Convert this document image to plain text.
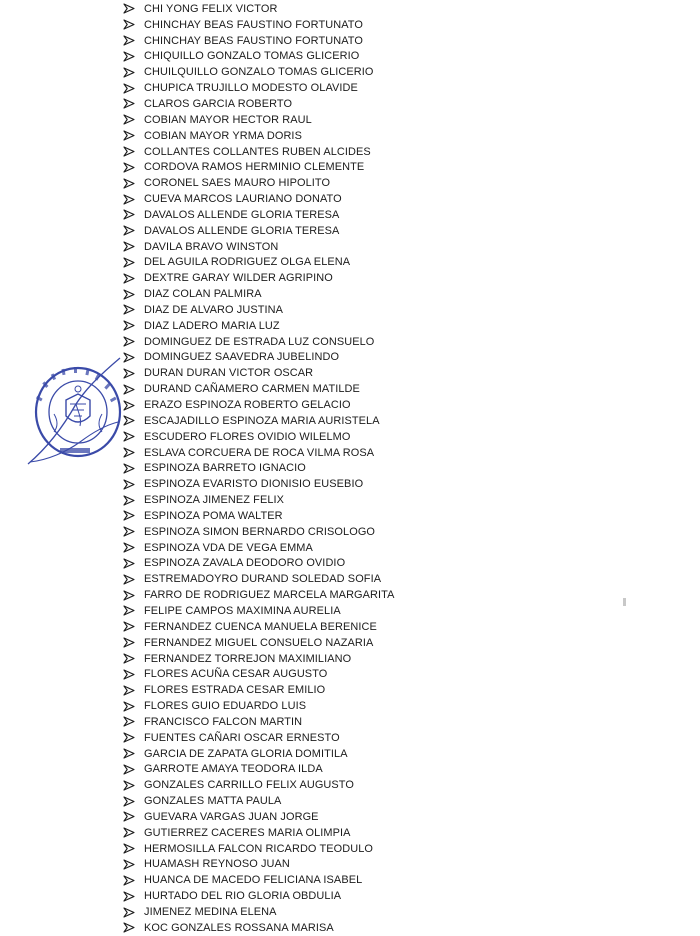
CHI YONG FELIX VICTOR
CHINCHAY BEAS FAUSTINO FORTUNATO
CHINCHAY BEAS FAUSTINO FORTUNATO
CHIQUILLO GONZALO TOMAS GLICERIO
CHUILQUILLO GONZALO TOMAS GLICERIO
CHUPICA TRUJILLO MODESTO OLAVIDE
CLAROS GARCIA ROBERTO
COBIAN MAYOR HECTOR RAUL
COBIAN MAYOR YRMA DORIS
COLLANTES COLLANTES RUBEN ALCIDES
CORDOVA RAMOS HERMINIO CLEMENTE
CORONEL SAES MAURO HIPOLITO
CUEVA MARCOS LAURIANO DONATO
DAVALOS ALLENDE GLORIA TERESA
DAVALOS ALLENDE GLORIA TERESA
DAVILA BRAVO WINSTON
DEL AGUILA RODRIGUEZ OLGA ELENA
DEXTRE GARAY WILDER AGRIPINO
DIAZ COLAN PALMIRA
DIAZ DE ALVARO JUSTINA
DIAZ LADERO MARIA LUZ
DOMINGUEZ DE ESTRADA LUZ CONSUELO
DOMINGUEZ SAAVEDRA JUBELINDO
DURAN DURAN VICTOR OSCAR
DURAND CAÑAMERO CARMEN MATILDE
ERAZO ESPINOZA ROBERTO GELACIO
ESCAJADILLO ESPINOZA MARIA AURISTELA
ESCUDERO FLORES OVIDIO WILELMO
ESLAVA CORCUERA DE ROCA VILMA ROSA
ESPINOZA BARRETO IGNACIO
ESPINOZA EVARISTO DIONISIO EUSEBIO
ESPINOZA JIMENEZ FELIX
ESPINOZA POMA WALTER
ESPINOZA SIMON BERNARDO CRISOLOGO
ESPINOZA VDA DE VEGA EMMA
ESPINOZA ZAVALA DEODORO OVIDIO
ESTREMADOYRO DURAND SOLEDAD SOFIA
FARRO DE RODRIGUEZ MARCELA MARGARITA
FELIPE CAMPOS MAXIMINA AURELIA
FERNANDEZ CUENCA MANUELA BERENICE
FERNANDEZ MIGUEL CONSUELO NAZARIA
FERNANDEZ TORREJON MAXIMILIANO
FLORES ACUÑA CESAR AUGUSTO
FLORES ESTRADA CESAR EMILIO
FLORES GUIO EDUARDO LUIS
FRANCISCO FALCON MARTIN
FUENTES CAÑARI OSCAR ERNESTO
GARCIA DE ZAPATA GLORIA DOMITILA
GARROTE AMAYA TEODORA ILDA
GONZALES CARRILLO FELIX AUGUSTO
GONZALES MATTA PAULA
GUEVARA VARGAS JUAN JORGE
GUTIERREZ CACERES MARIA OLIMPIA
HERMOSILLA FALCON RICARDO TEODULO
HUAMASH REYNOSO JUAN
HUANCA DE MACEDO FELICIANA ISABEL
HURTADO DEL RIO GLORIA OBDULIA
JIMENEZ MEDINA ELENA
KOC GONZALES ROSSANA MARISA
